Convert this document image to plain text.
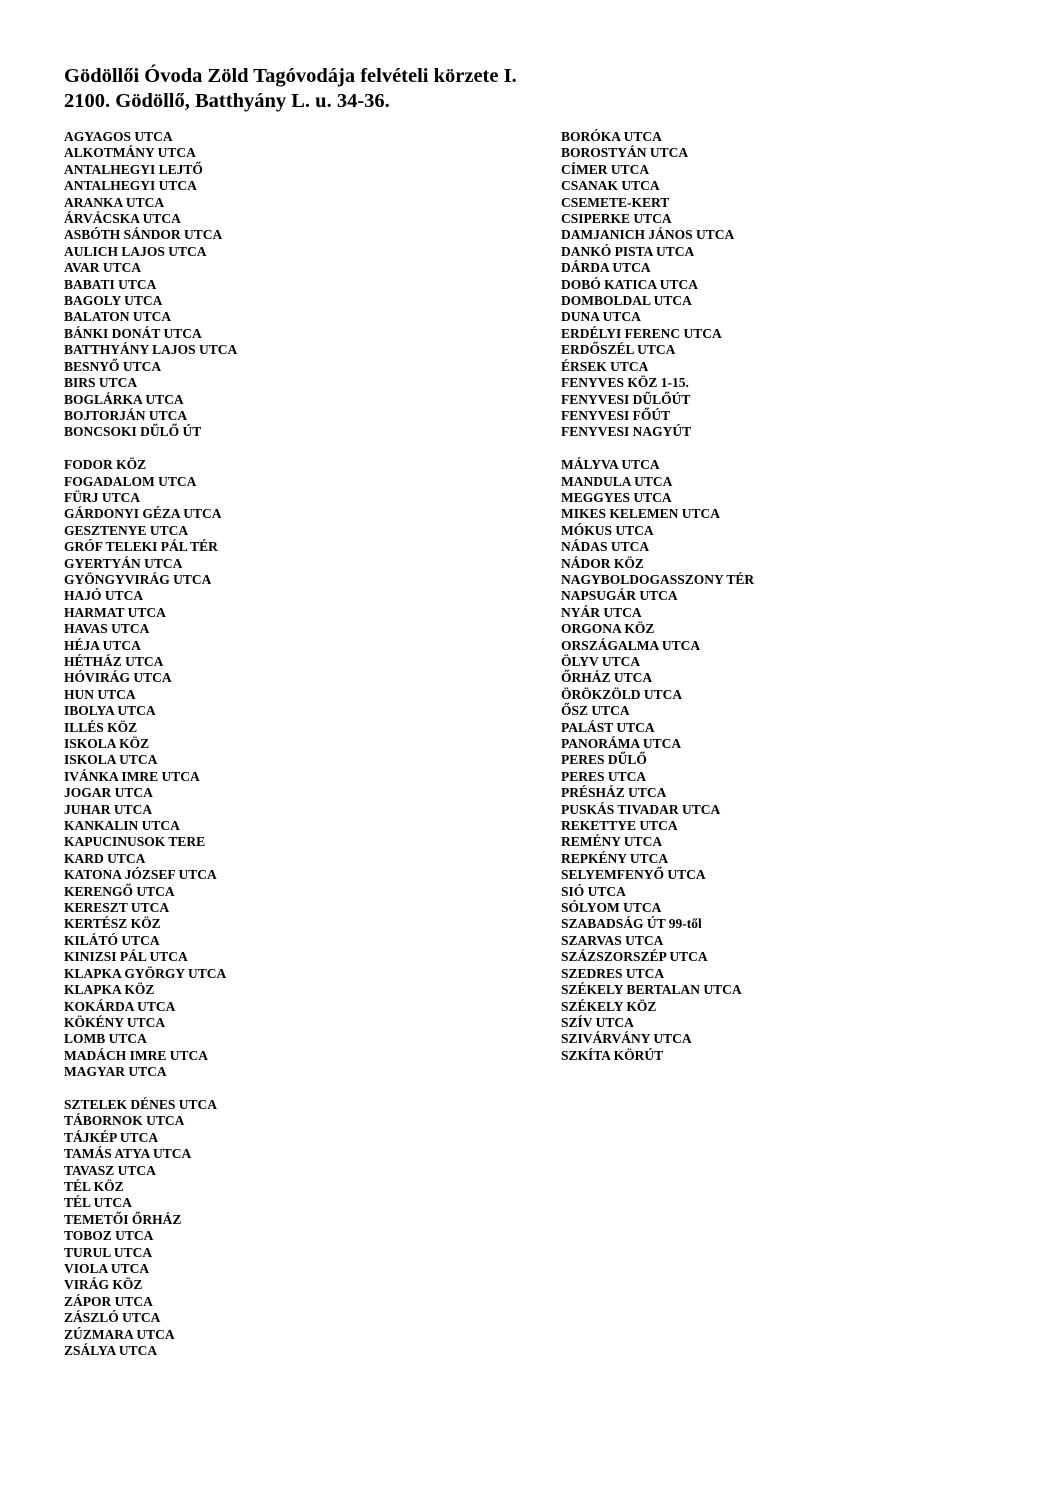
Gödöllői Óvoda Zöld Tagóvodája felvételi körzete I.

2100. Gödöllő, Batthyány L. u. 34-36.

AGYAGOS UTCA
ALKOTMÁNY UTCA
ANTALHEGYI LEJTŐ
ANTALHEGYI UTCA
ARANKA UTCA
ÁRVÁCSKA UTCA
ASBÓTH SÁNDOR UTCA
AULICH LAJOS UTCA
AVAR UTCA
BABATI UTCA
BAGOLY UTCA
BALATON UTCA
BÁNKI DONÁT UTCA
BATTHYÁNY LAJOS UTCA
BESNYŐ UTCA
BIRS UTCA
BOGLÁRKA UTCA
BOJTORJÁN UTCA
BONCSOKI DŰLŐ ÚT
FODOR KÖZ
FOGADALOM UTCA
FÜRJ UTCA
GÁRDONYI GÉZA UTCA
GESZTENYE UTCA
GRÓF TELEKI PÁL TÉR
GYERTYÁN UTCA
GYÖNGYVIRÁG UTCA
HAJÓ UTCA
HARMAT UTCA
HAVAS UTCA
HÉJA UTCA
HÉTHÁZ UTCA
HÓVIRÁG UTCA
HUN UTCA
IBOLYA UTCA
ILLÉS KÖZ
ISKOLA KÖZ
ISKOLA UTCA
IVÁNKA IMRE UTCA
JOGAR UTCA
JUHAR UTCA
KANKALIN UTCA
KAPUCINUSOK TERE
KARD UTCA
KATONA JÓZSEF UTCA
KERENGŐ UTCA
KERESZT UTCA
KERTÉSZ KÖZ
KILÁTÓ UTCA
KINIZSI PÁL UTCA
KLAPKA GYÖRGY UTCA
KLAPKA KÖZ
KOKÁRDA UTCA
KÖKÉNY UTCA
LOMB UTCA
MADÁCH IMRE UTCA
MAGYAR UTCA
SZTELEK DÉNES UTCA
TÁBORNOK UTCA
TÁJKÉP UTCA
TAMÁS ATYA UTCA
TAVASZ UTCA
TÉL KÖZ
TÉL UTCA
TEMETŐI ŐRHÁZ
TOBOZ UTCA
TURUL UTCA
VIOLA UTCA
VIRÁG KÖZ
ZÁPOR UTCA
ZÁSZLÓ UTCA
ZÚZMARA UTCA
ZSÁLYA UTCA
BORÓKA UTCA
BOROSTYÁN UTCA
CÍMER UTCA
CSANAK UTCA
CSEMETE-KERT
CSIPERKE UTCA
DAMJANICH JÁNOS UTCA
DANKÓ PISTA UTCA
DÁRDA UTCA
DOBÓ KATICA UTCA
DOMBOLDAL UTCA
DUNA UTCA
ERDÉLYI FERENC UTCA
ERDŐSZÉL UTCA
ÉRSEK UTCA
FENYVES KÖZ 1-15.
FENYVESI DŰLŐÚT
FENYVESI FŐÚT
FENYVESI NAGYÚT
MÁLYVA UTCA
MANDULA UTCA
MEGGYES UTCA
MIKES KELEMEN UTCA
MÓKUS UTCA
NÁDAS UTCA
NÁDOR KÖZ
NAGYBOLDOGASSZONY TÉR
NAPSUGÁR UTCA
NYÁR UTCA
ORGONA KÖZ
ORSZÁGALMA UTCA
ÖLYV UTCA
ŐRHÁZ UTCA
ÖRÖKZÖLD UTCA
ŐSZ UTCA
PALÁST UTCA
PANORÁMA UTCA
PERES DŰLŐ
PERES UTCA
PRÉSHÁZ UTCA
PUSKÁS TIVADAR UTCA
REKETTYE UTCA
REMÉNY UTCA
REPKÉNY UTCA
SELYEMFENYŐ UTCA
SIÓ UTCA
SÓLYOM UTCA
SZABADSÁG ÚT 99-től
SZARVAS UTCA
SZÁZSZORSZÉP UTCA
SZEDRES UTCA
SZÉKELY BERTALAN UTCA
SZÉKELY KÖZ
SZÍV UTCA
SZIVÁRVÁNY UTCA
SZKÍTA KÖRÚT
